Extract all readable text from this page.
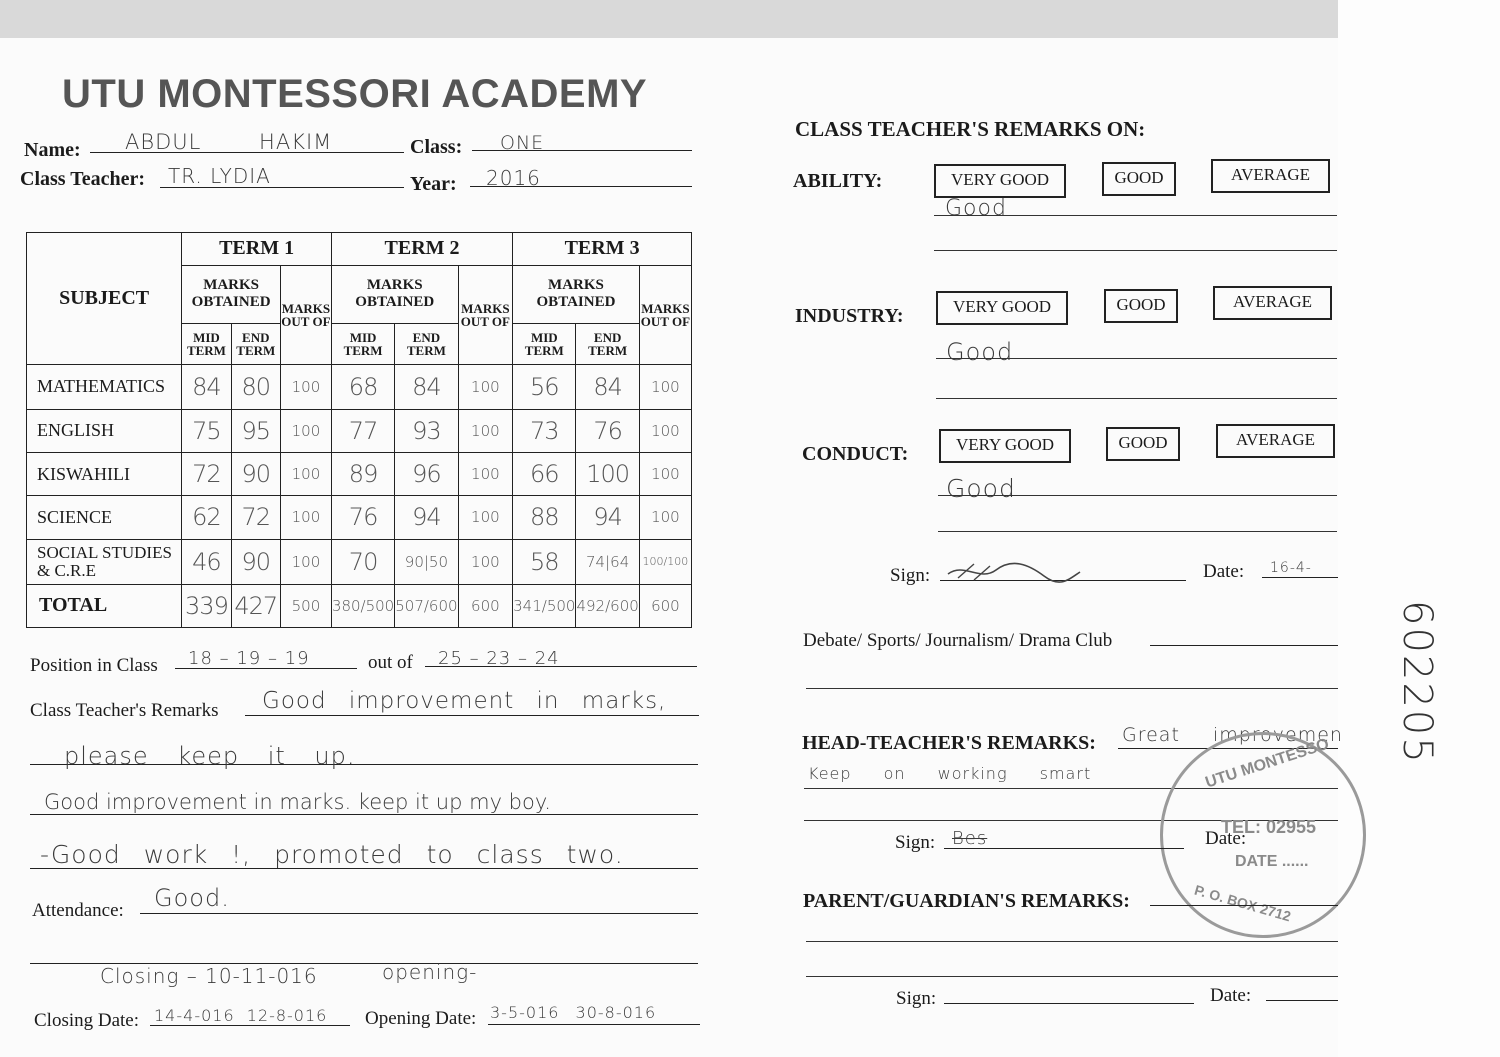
UTU MONTESSORI ACADEMY
Name: ABDUL HAKIM	Class: ONE
Class Teacher: TR. LYDIA	Year: 2016
SUBJECT	TERM 1			TERM 2			TERM 3		
	MARKS OBTAINED		MARKS OUT OF	MARKS OBTAINED		MARKS OUT OF	MARKS OBTAINED		MARKS OUT OF
	MID TERM	END TERM		MID TERM	END TERM		MID TERM	END TERM	
MATHEMATICS	84	80	100	68	84	100	56	84	100
ENGLISH	75	95	100	77	93	100	73	76	100
KISWAHILI	72	90	100	89	96	100	66	100	100
SCIENCE	62	72	100	76	94	100	88	94	100
SOCIAL STUDIES & C.R.E	46	90	100	70	90|50	100	58	74|64	100/100
TOTAL	339	427	500	380/500	507/600	600	341/500	492/600	600
Position in Class 18 – 19 – 19	out of 25 – 23 – 24
Class Teacher's Remarks Good improvement in marks,
please keep it up.
Good improvement in marks. keep it up my boy.
-Good work !, promoted to class two.
Attendance: Good.
Closing – 10-11-016	opening-
Closing Date: 14-4-016 12-8-016 Opening Date: 3-5-016 30-8-016
CLASS TEACHER'S REMARKS ON:
ABILITY:	VERY GOOD	GOOD	AVERAGE
Good
INDUSTRY:	VERY GOOD	GOOD	AVERAGE
Good
CONDUCT:	VERY GOOD	GOOD	AVERAGE
Good
Sign:	Date: 16-4-
Debate/ Sports/ Journalism/ Drama Club
HEAD-TEACHER'S REMARKS: Great improvemen
Keep on working smart	UTU MONTESSO
TEL: 02955
DATE ......
P. O. BOX 2712
Sign: Bes	Date:
PARENT/GUARDIAN'S REMARKS:
Sign:	Date:
602205
